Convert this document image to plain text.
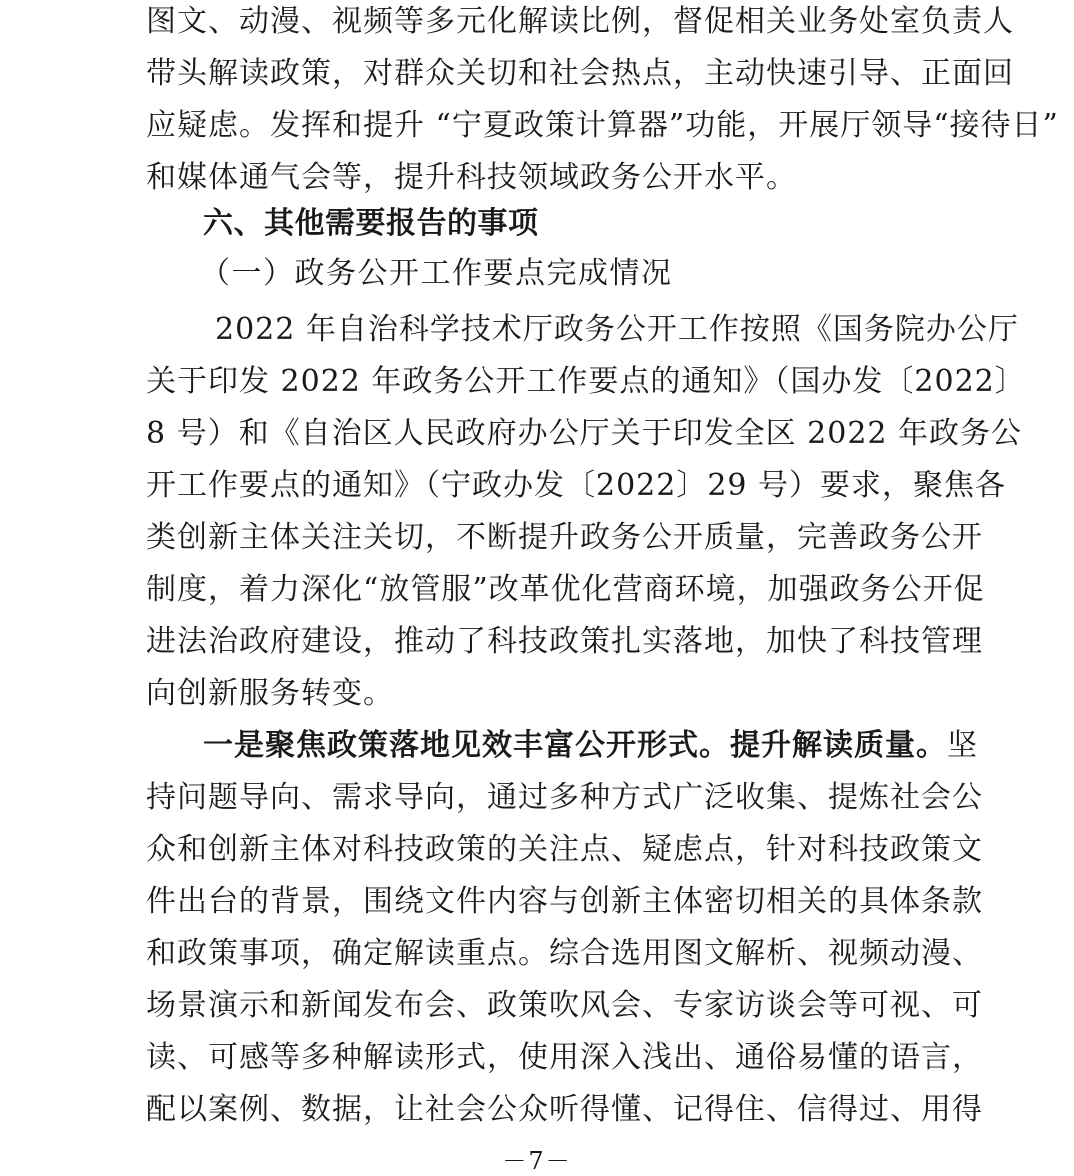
图文、动漫、视频等多元化解读比例，督促相关业务处室负责人
带头解读政策，对群众关切和社会热点，主动快速引导、正面回
应疑虑。发挥和提升 “宁夏政策计算器”功能，开展厅领导“接待日”
和媒体通气会等，提升科技领域政务公开水平。
六、其他需要报告的事项
（一）政务公开工作要点完成情况
2022 年自治科学技术厅政务公开工作按照《国务院办公厅
关于印发 2022 年政务公开工作要点的通知》（国办发〔2022〕
8 号）和《自治区人民政府办公厅关于印发全区 2022 年政务公
开工作要点的通知》（宁政办发〔2022〕29 号）要求，聚焦各
类创新主体关注关切，不断提升政务公开质量，完善政务公开
制度，着力深化“放管服”改革优化营商环境，加强政务公开促
进法治政府建设，推动了科技政策扎实落地，加快了科技管理
向创新服务转变。
一是聚焦政策落地见效丰富公开形式。提升解读质量。坚
持问题导向、需求导向，通过多种方式广泛收集、提炼社会公
众和创新主体对科技政策的关注点、疑虑点，针对科技政策文
件出台的背景，围绕文件内容与创新主体密切相关的具体条款
和政策事项，确定解读重点。综合选用图文解析、视频动漫、
场景演示和新闻发布会、政策吹风会、专家访谈会等可视、可
读、可感等多种解读形式，使用深入浅出、通俗易懂的语言，
配以案例、数据，让社会公众听得懂、记得住、信得过、用得
－7－
